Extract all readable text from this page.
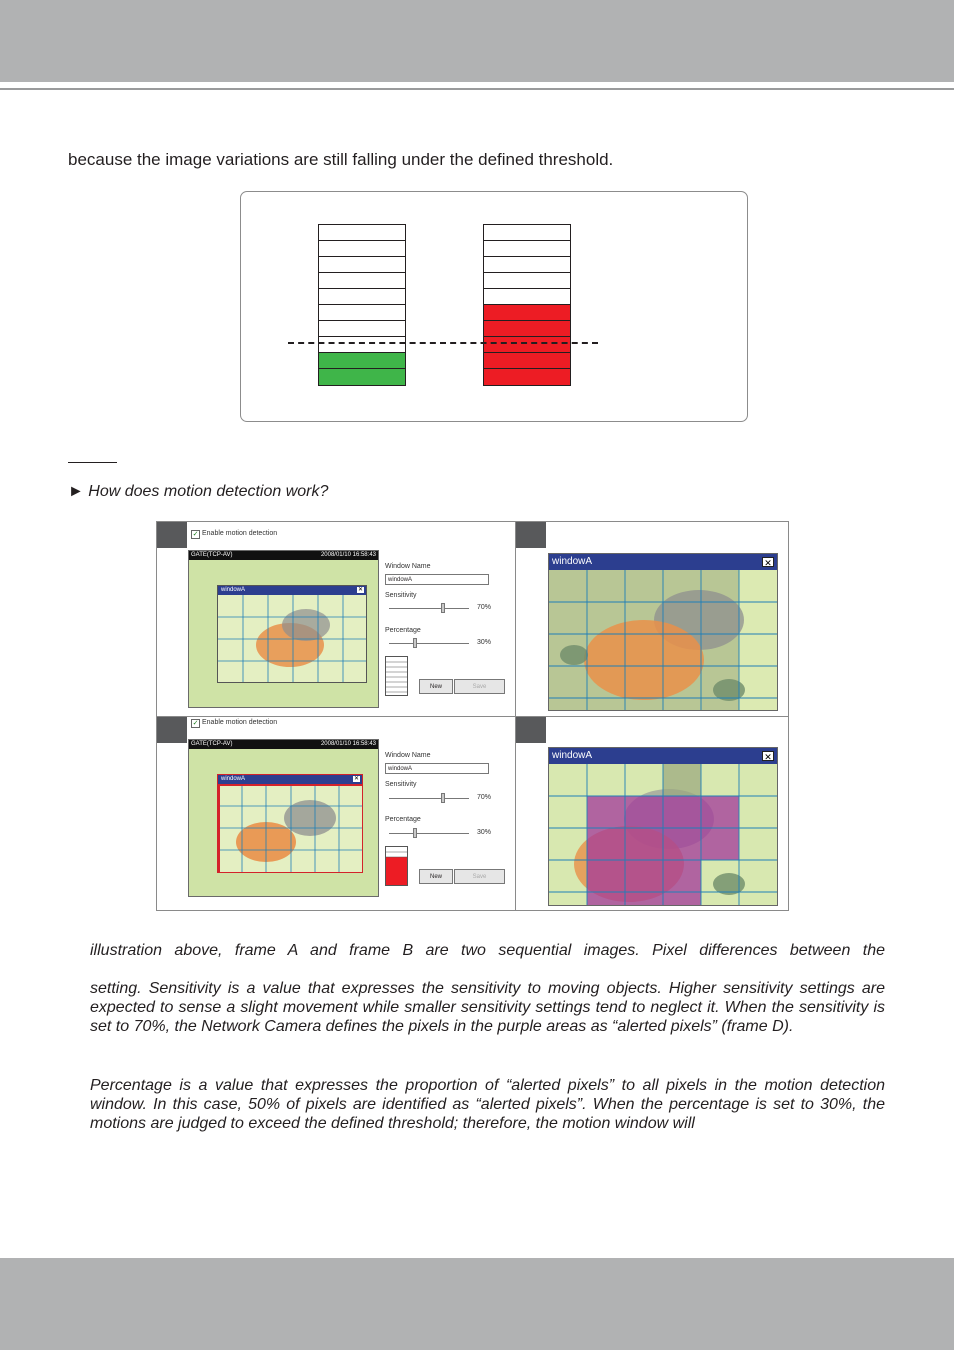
because the image variations are still falling under the defined threshold.
► How does motion detection work?
✓ Enable motion detection
GATE(TCP-AV)	2008/01/10 16:58:43
windowA	✕
Window Name
windowA
Sensitivity
70%
Percentage
30%
New	Save
windowA	✕
✓ Enable motion detection
GATE(TCP-AV)	2008/01/10 16:58:43
windowA	✕
Window Name
windowA
Sensitivity
70%
Percentage
30%
New	Save
windowA	✕
illustration above, frame A and frame B are two sequential images. Pixel differences between the
setting. Sensitivity is a value that expresses the sensitivity to moving objects. Higher sensitivity settings are expected to sense a slight movement while smaller sensitivity settings tend to neglect it. When the sensitivity is set to 70%, the Network Camera defines the pixels in the purple areas as “alerted pixels” (frame D).
Percentage is a value that expresses the proportion of “alerted pixels” to all pixels in the motion detection window. In this case, 50% of pixels are identified as “alerted pixels”. When the percentage is set to 30%, the motions are judged to exceed the defined threshold; therefore, the motion window will
